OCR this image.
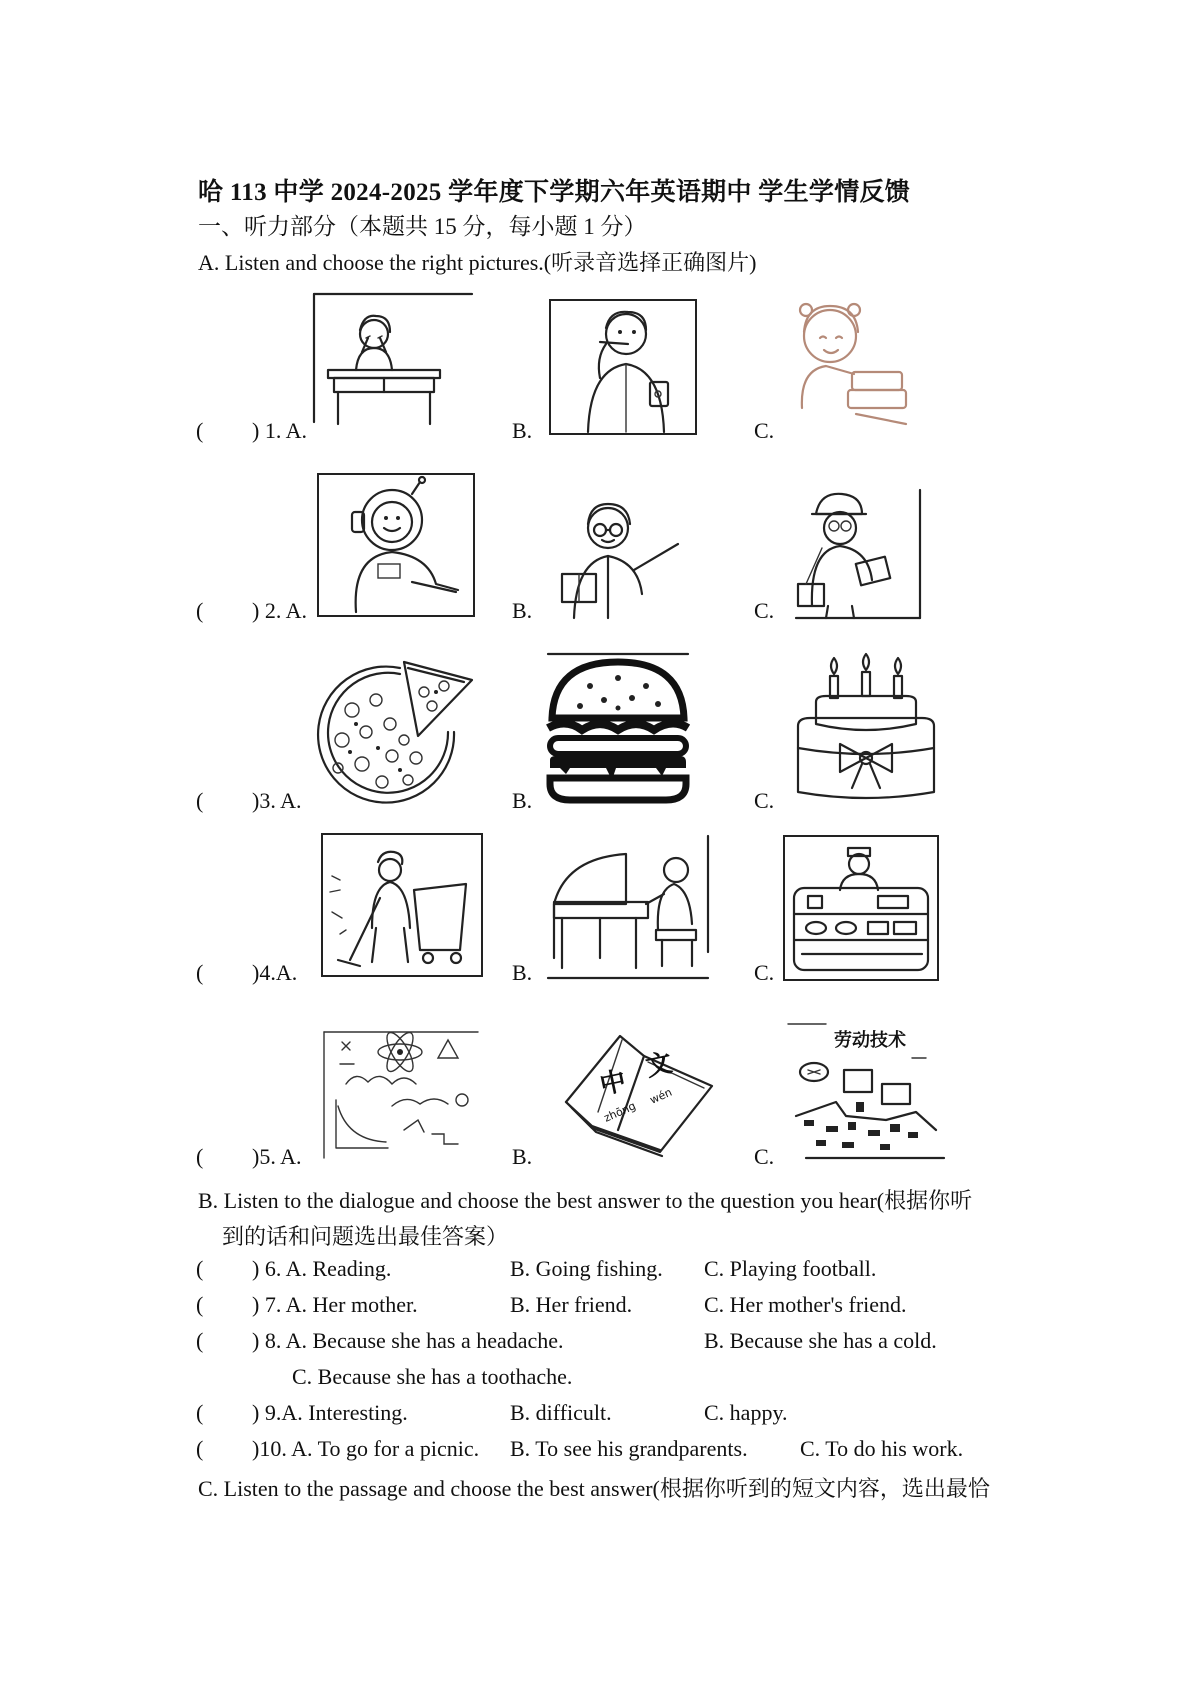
哈 113 中学 2024-2025 学年度下学期六年英语期中 学生学情反馈
一、听力部分（本题共 15 分，每小题 1 分）
A. Listen and choose the right pictures.(听录音选择正确图片)
( ) 1. A.	B.	C.
( ) 2. A.	B.	C.
( )3. A.	B.	C.
( )4.A.	B.	C.
( )5. A.	B.	C.
中
文
zhōng
wén
劳动技术
B. Listen to the dialogue and choose the best answer to the question you hear(根据你听
到的话和问题选出最佳答案）
( ) 6. A. Reading.	B. Going fishing. C. Playing football.
( ) 7. A. Her mother.	B. Her friend.	C. Her mother's friend.
( ) 8. A. Because she has a headache.	B. Because she has a cold.
C. Because she has a toothache.
( ) 9.A. Interesting.	B. difficult.	C. happy.
( )10. A. To go for a picnic. B. To see his grandparents. C. To do his work.
C. Listen to the passage and choose the best answer(根据你听到的短文内容，选出最恰
